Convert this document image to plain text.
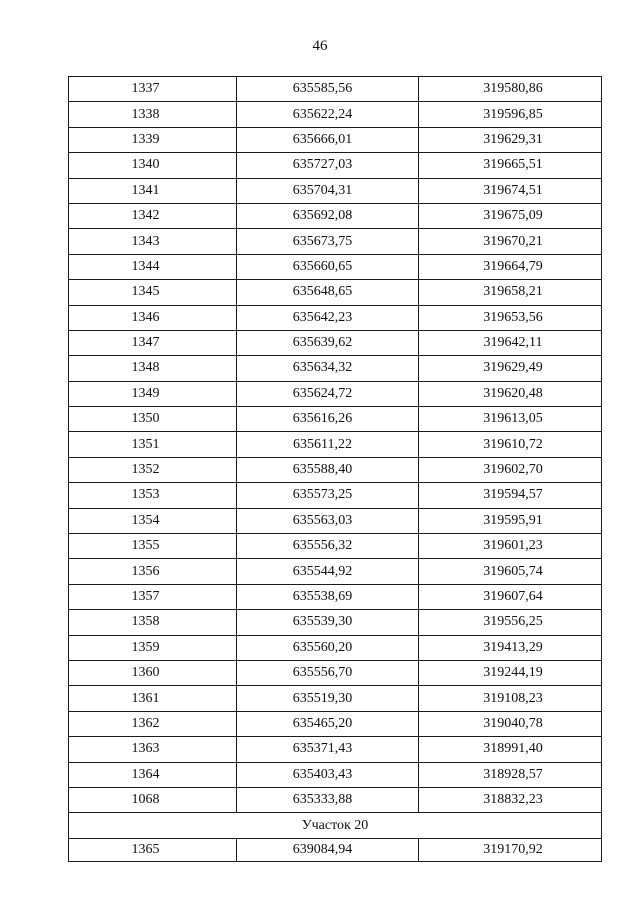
46
1337	635585,56	319580,86
1338	635622,24	319596,85
1339	635666,01	319629,31
1340	635727,03	319665,51
1341	635704,31	319674,51
1342	635692,08	319675,09
1343	635673,75	319670,21
1344	635660,65	319664,79
1345	635648,65	319658,21
1346	635642,23	319653,56
1347	635639,62	319642,11
1348	635634,32	319629,49
1349	635624,72	319620,48
1350	635616,26	319613,05
1351	635611,22	319610,72
1352	635588,40	319602,70
1353	635573,25	319594,57
1354	635563,03	319595,91
1355	635556,32	319601,23
1356	635544,92	319605,74
1357	635538,69	319607,64
1358	635539,30	319556,25
1359	635560,20	319413,29
1360	635556,70	319244,19
1361	635519,30	319108,23
1362	635465,20	319040,78
1363	635371,43	318991,40
1364	635403,43	318928,57
1068	635333,88	318832,23
Участок 20		
1365	639084,94	319170,92
